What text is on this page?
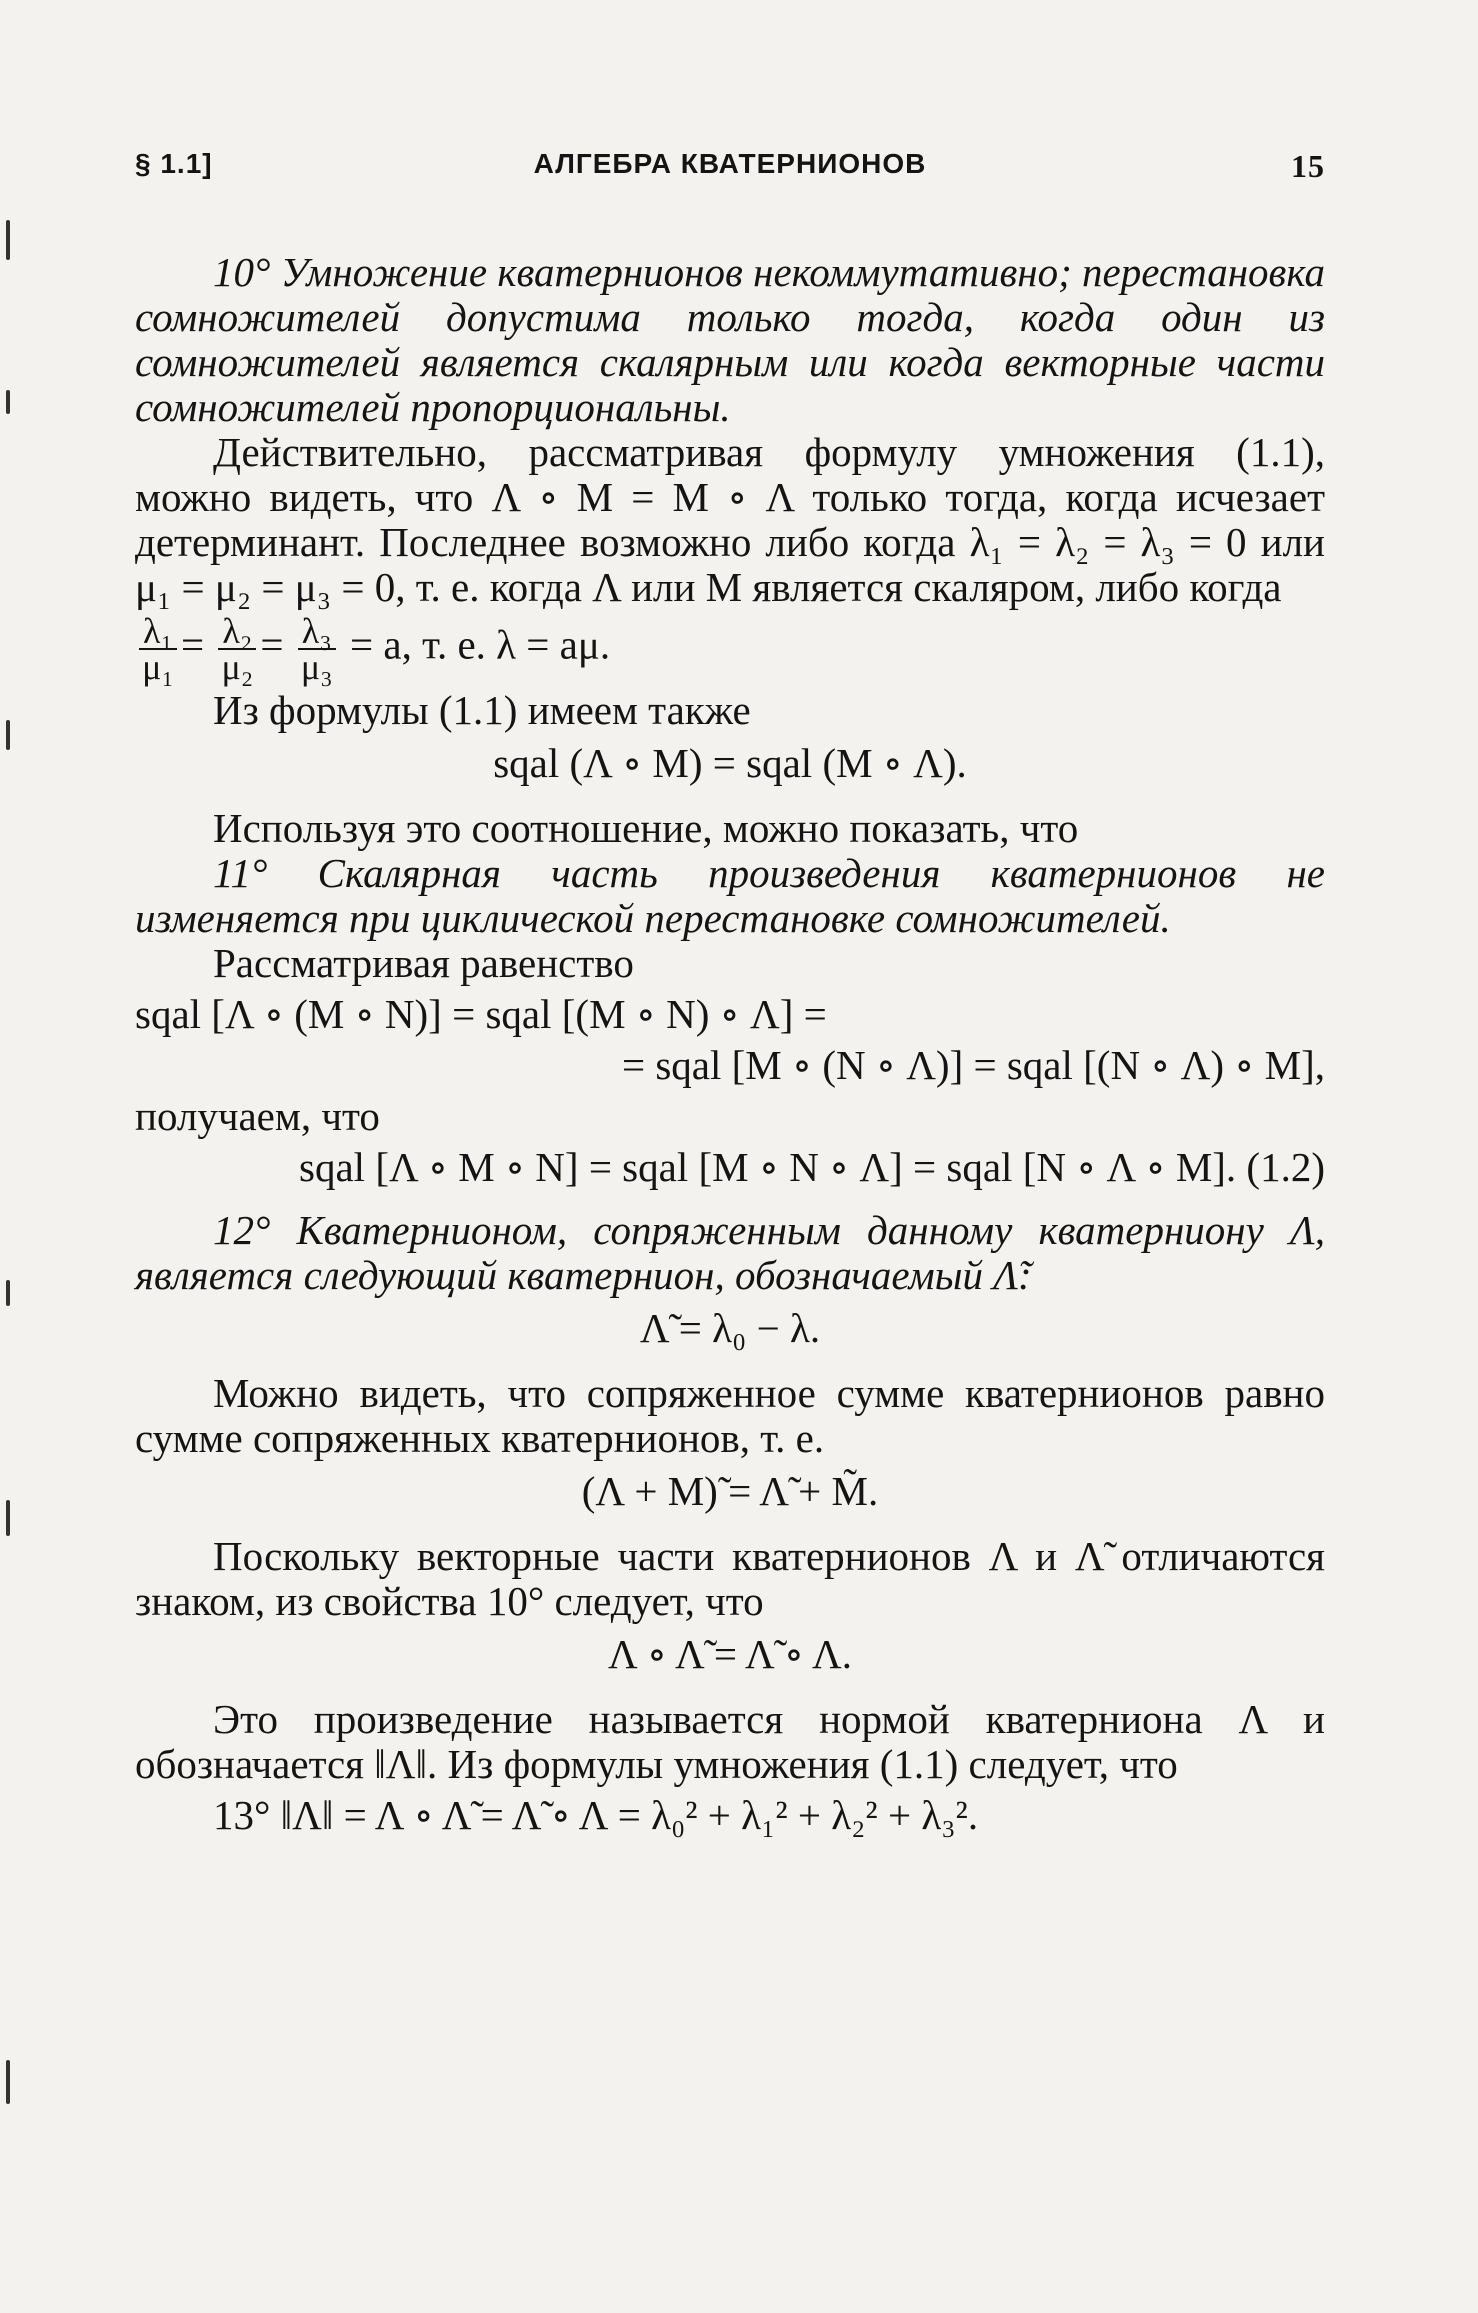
§ 1.1]	АЛГЕБРА КВАТЕРНИОНОВ	15

10° Умножение кватернионов некоммутативно; перестановка сомножителей допустима только тогда, когда один из сомножителей является скалярным или когда векторные части сомножителей пропорциональны.

Действительно, рассматривая формулу умножения (1.1), можно видеть, что Λ ∘ M = M ∘ Λ только тогда, когда исчезает детерминант. Последнее возможно либо когда λ₁ = λ₂ = λ₃ = 0 или μ₁ = μ₂ = μ₃ = 0, т. е. когда Λ или M является скаляром, либо когда

$\frac{\text{λ₁}}{\text{μ₁}} = \frac{\text{λ₂}}{\text{μ₂}} = \frac{\text{λ₃}}{\text{μ₃}} = a$, т. е. λ = aμ.

Из формулы (1.1) имеем также

sqal (Λ ∘ M) = sqal (M ∘ Λ).

Используя это соотношение, можно показать, что

11° Скалярная часть произведения кватернионов не изменяется при циклической перестановке сомножителей.

Рассматривая равенство

sqal [Λ ∘ (M ∘ N)] = sqal [(M ∘ N) ∘ Λ] =
= sqal [M ∘ (N ∘ Λ)] = sqal [(N ∘ Λ) ∘ M],

получаем, что

sqal [Λ ∘ M ∘ N] = sqal [M ∘ N ∘ Λ] = sqal [N ∘ Λ ∘ M]. (1.2)

12° Кватернионом, сопряженным данному кватерниону Λ, является следующий кватернион, обозначаемый Λ̃:

Λ̃ = λ₀ − λ.

Можно видеть, что сопряженное сумме кватернионов равно сумме сопряженных кватернионов, т. е.

(Λ + M)̃ = Λ̃ + M̃.

Поскольку векторные части кватернионов Λ и Λ̃ отличаются знаком, из свойства 10° следует, что

Λ ∘ Λ̃ = Λ̃ ∘ Λ.

Это произведение называется нормой кватерниона Λ и обозначается ‖Λ‖. Из формулы умножения (1.1) следует, что

13° ‖Λ‖ = Λ ∘ Λ̃ = Λ̃ ∘ Λ = λ₀² + λ₁² + λ₂² + λ₃².
